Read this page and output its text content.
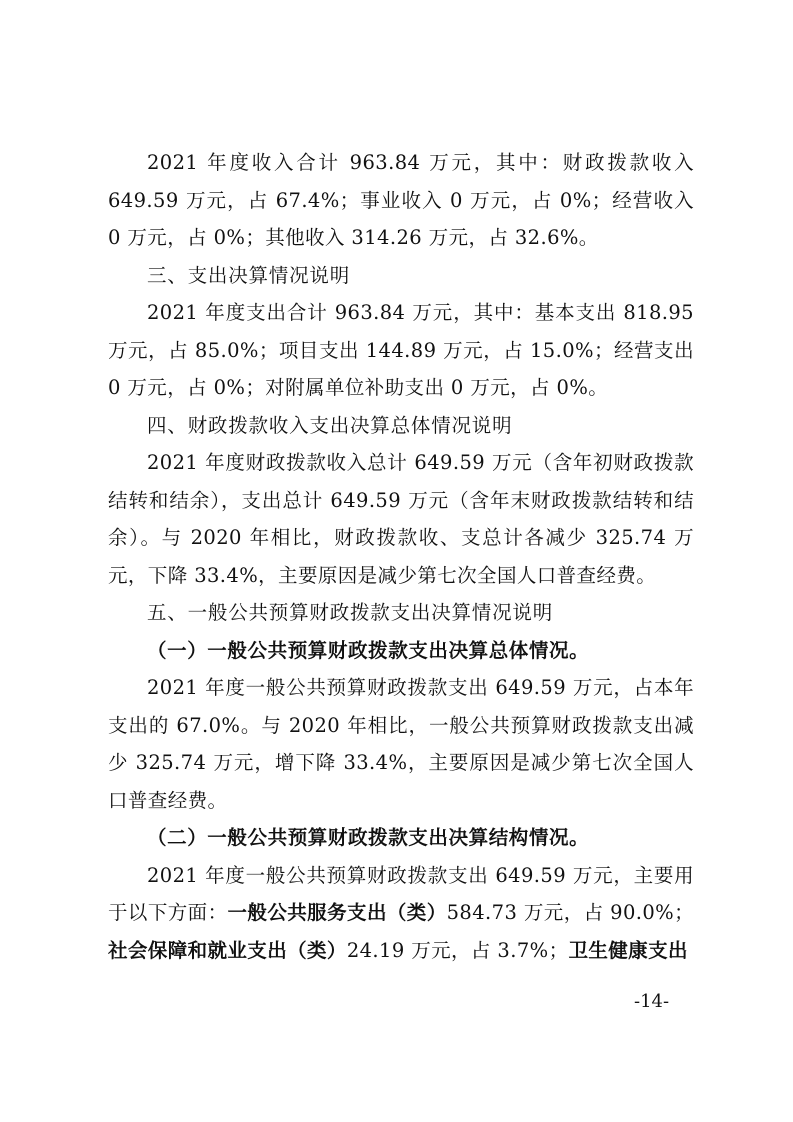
2021 年度收入合计 963.84 万元，其中：财政拨款收入 649.59 万元，占 67.4%；事业收入 0 万元，占 0%；经营收入 0 万元，占 0%；其他收入 314.26 万元，占 32.6%。

三、支出决算情况说明

2021 年度支出合计 963.84 万元，其中：基本支出 818.95 万元，占 85.0%；项目支出 144.89 万元，占 15.0%；经营支出 0 万元，占 0%；对附属单位补助支出 0 万元，占 0%。

四、财政拨款收入支出决算总体情况说明

2021 年度财政拨款收入总计 649.59 万元（含年初财政拨款结转和结余），支出总计 649.59 万元（含年末财政拨款结转和结余）。与 2020 年相比，财政拨款收、支总计各减少 325.74 万元，下降 33.4%，主要原因是减少第七次全国人口普查经费。

五、一般公共预算财政拨款支出决算情况说明

（一）一般公共预算财政拨款支出决算总体情况。

2021 年度一般公共预算财政拨款支出 649.59 万元，占本年支出的 67.0%。与 2020 年相比，一般公共预算财政拨款支出减少 325.74 万元，增下降 33.4%，主要原因是减少第七次全国人口普查经费。

（二）一般公共预算财政拨款支出决算结构情况。

2021 年度一般公共预算财政拨款支出 649.59 万元，主要用于以下方面：一般公共服务支出（类）584.73 万元，占 90.0%；社会保障和就业支出（类）24.19 万元，占 3.7%；卫生健康支出

-14-
